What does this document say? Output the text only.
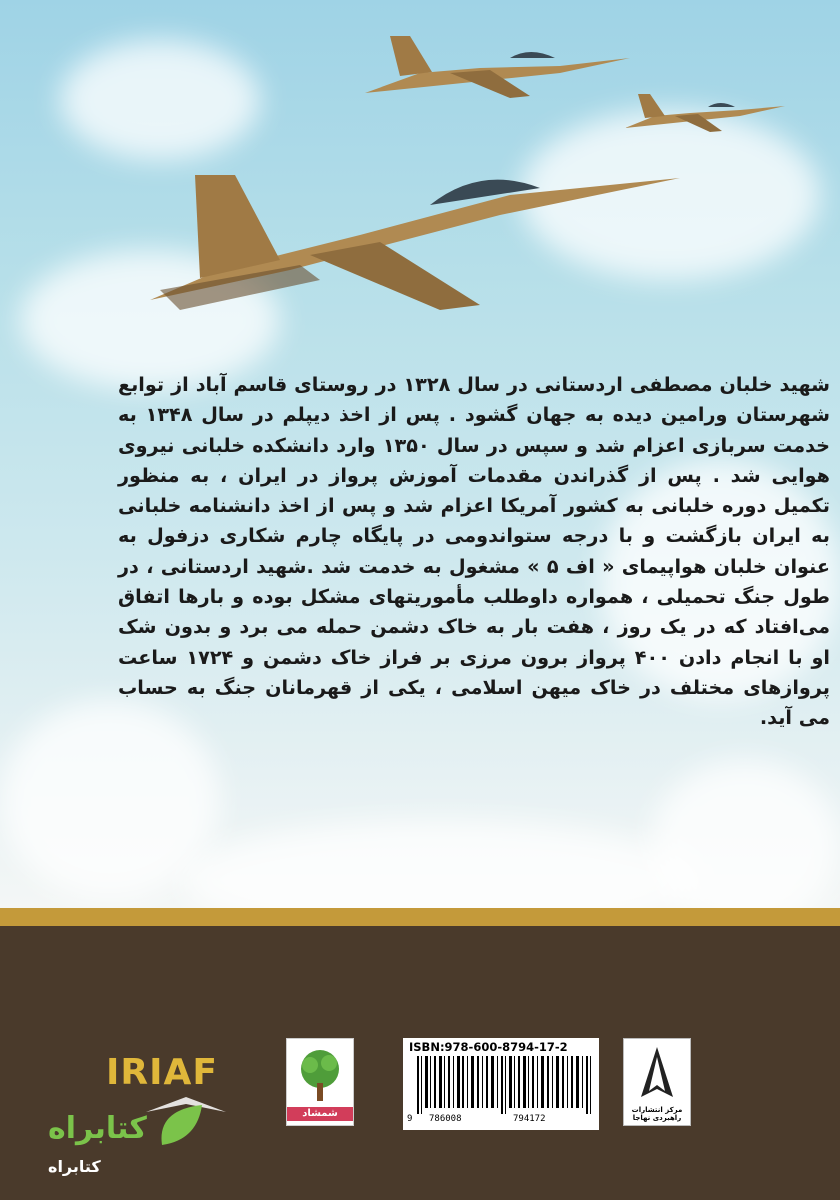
شهید خلبان مصطفی اردستانی در سال ۱۳۲۸ در روستای قاسم آباد از توابع شهرستان ورامین دیده به جهان گشود . پس از اخذ دیپلم در سال ۱۳۴۸ به خدمت سربازی اعزام شد و سپس در سال ۱۳۵۰ وارد دانشکده خلبانی نیروی هوایی شد . پس از گذراندن مقدمات آموزش پرواز در ایران ، به منظور تکمیل دوره خلبانی به کشور آمریکا اعزام شد و پس از اخذ دانشنامه خلبانی به ایران بازگشت و با درجه ستواندومی در پایگاه چارم شکاری دزفول به عنوان خلبان هواپیمای « اف ۵ » مشغول به خدمت شد .شهید اردستانی ، در طول جنگ تحمیلی ، همواره داوطلب مأموریتهای مشکل بوده و بارها اتفاق می‌افتاد که در یک روز ، هفت بار به خاک دشمن حمله می برد و بدون شک او با انجام دادن ۴۰۰ پرواز برون مرزی بر فراز خاک دشمن و ۱۷۲۴ ساعت پروازهای مختلف در خاک میهن اسلامی ، یکی از قهرمانان جنگ به حساب می آید.

IRIAF
شمشاد
ISBN:978-600-8794-17-2
9 786008	794172
مرکز انتشارات راهبردی نهاجا
کتابراه
کتابراه
